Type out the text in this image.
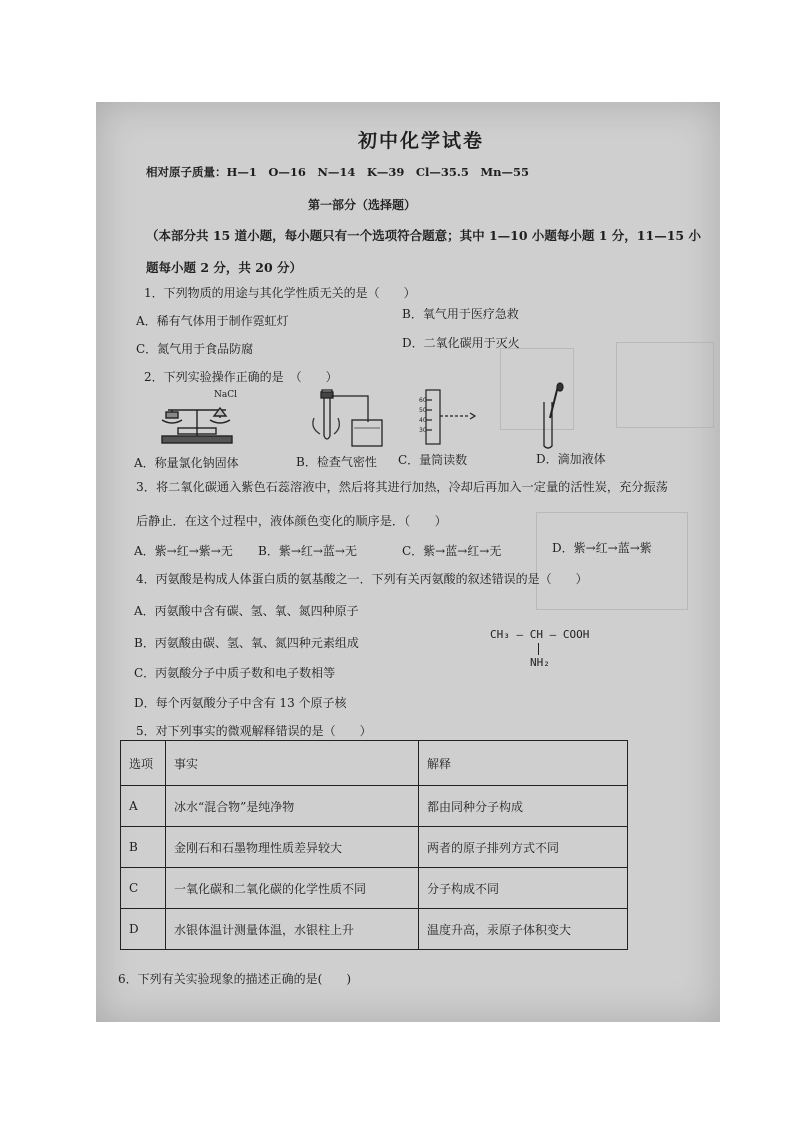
初中化学试卷
相对原子质量：H—1　O—16　N—14　K—39　Cl—35.5　Mn—55
第一部分（选择题）
（本部分共 15 道小题，每小题只有一个选项符合题意；其中 1—10 小题每小题 1 分，11—15 小
题每小题 2 分，共 20 分）
1．下列物质的用途与其化学性质无关的是（　　）
A．稀有气体用于制作霓虹灯	B．氧气用于医疗急救
C．氮气用于食品防腐	D．二氧化碳用于灭火
2．下列实验操作正确的是　（　　）
NaCl
60
50
40
30
A．称量氯化钠固体	B．检查气密性 C．量筒读数	D．滴加液体
3．将二氧化碳通入紫色石蕊溶液中，然后将其进行加热，冷却后再加入一定量的活性炭，充分振荡
后静止．在这个过程中，液体颜色变化的顺序是．（　　）
A．紫→红→紫→无 B．紫→红→蓝→无	C．紫→蓝→红→无	D．紫→红→蓝→紫
4．丙氨酸是构成人体蛋白质的氨基酸之一．下列有关丙氨酸的叙述错误的是（　　）
A．丙氨酸中含有碳、氢、氧、氮四种原子
B．丙氨酸由碳、氢、氧、氮四种元素组成
C．丙氨酸分子中质子数和电子数相等
D．每个丙氨酸分子中含有 13 个原子核
CH₃ — CH — COOH
NH₂
5．对下列事实的微观解释错误的是（　　）
选项	事实	解释
A	冰水“混合物”是纯净物	都由同种分子构成
B	金刚石和石墨物理性质差异较大	两者的原子排列方式不同
C	一氧化碳和二氧化碳的化学性质不同	分子构成不同
D	水银体温计测量体温，水银柱上升	温度升高，汞原子体积变大
6．下列有关实验现象的描述正确的是(　　)
